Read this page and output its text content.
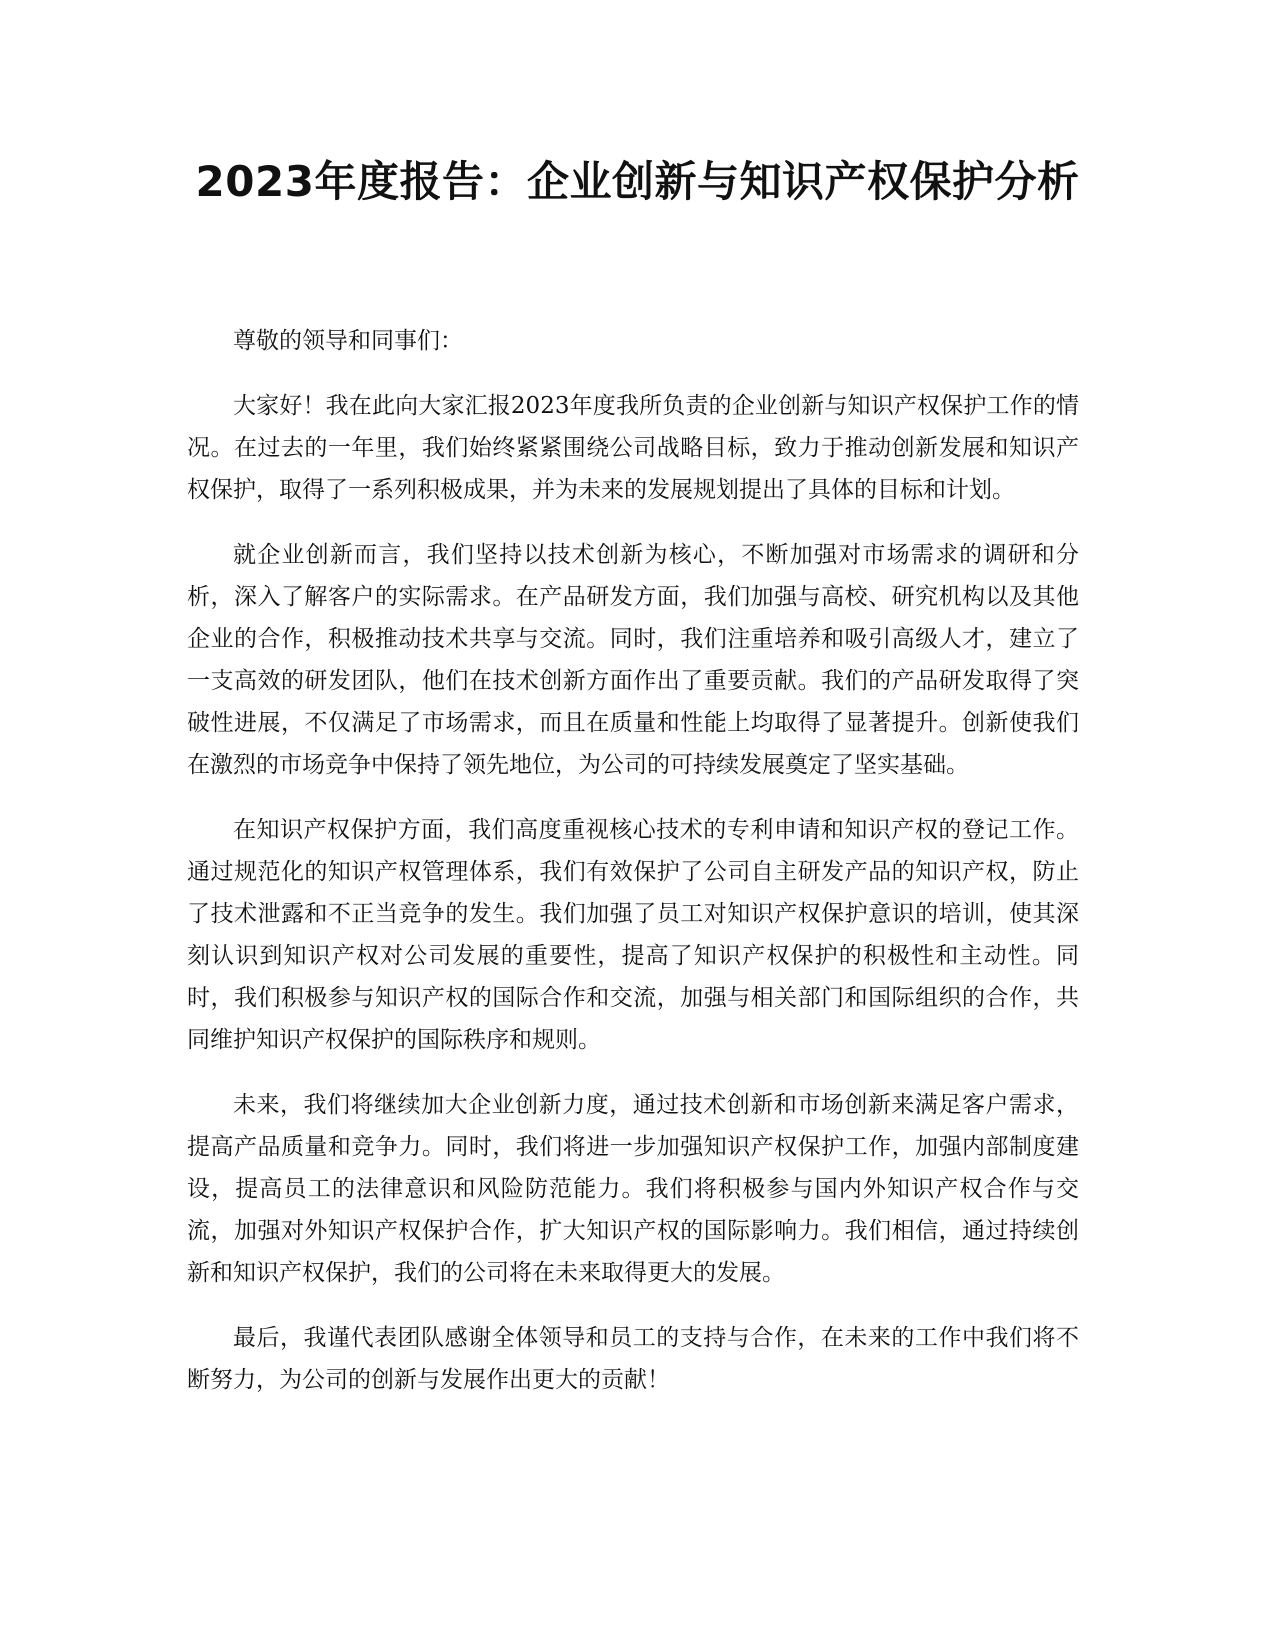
2023年度报告：企业创新与知识产权保护分析

尊敬的领导和同事们：

大家好！我在此向大家汇报2023年度我所负责的企业创新与知识产权保护工作的情况。在过去的一年里，我们始终紧紧围绕公司战略目标，致力于推动创新发展和知识产权保护，取得了一系列积极成果，并为未来的发展规划提出了具体的目标和计划。

就企业创新而言，我们坚持以技术创新为核心，不断加强对市场需求的调研和分析，深入了解客户的实际需求。在产品研发方面，我们加强与高校、研究机构以及其他企业的合作，积极推动技术共享与交流。同时，我们注重培养和吸引高级人才，建立了一支高效的研发团队，他们在技术创新方面作出了重要贡献。我们的产品研发取得了突破性进展，不仅满足了市场需求，而且在质量和性能上均取得了显著提升。创新使我们在激烈的市场竞争中保持了领先地位，为公司的可持续发展奠定了坚实基础。

在知识产权保护方面，我们高度重视核心技术的专利申请和知识产权的登记工作。通过规范化的知识产权管理体系，我们有效保护了公司自主研发产品的知识产权，防止了技术泄露和不正当竞争的发生。我们加强了员工对知识产权保护意识的培训，使其深刻认识到知识产权对公司发展的重要性，提高了知识产权保护的积极性和主动性。同时，我们积极参与知识产权的国际合作和交流，加强与相关部门和国际组织的合作，共同维护知识产权保护的国际秩序和规则。

未来，我们将继续加大企业创新力度，通过技术创新和市场创新来满足客户需求，提高产品质量和竞争力。同时，我们将进一步加强知识产权保护工作，加强内部制度建设，提高员工的法律意识和风险防范能力。我们将积极参与国内外知识产权合作与交流，加强对外知识产权保护合作，扩大知识产权的国际影响力。我们相信，通过持续创新和知识产权保护，我们的公司将在未来取得更大的发展。

最后，我谨代表团队感谢全体领导和员工的支持与合作，在未来的工作中我们将不断努力，为公司的创新与发展作出更大的贡献！
